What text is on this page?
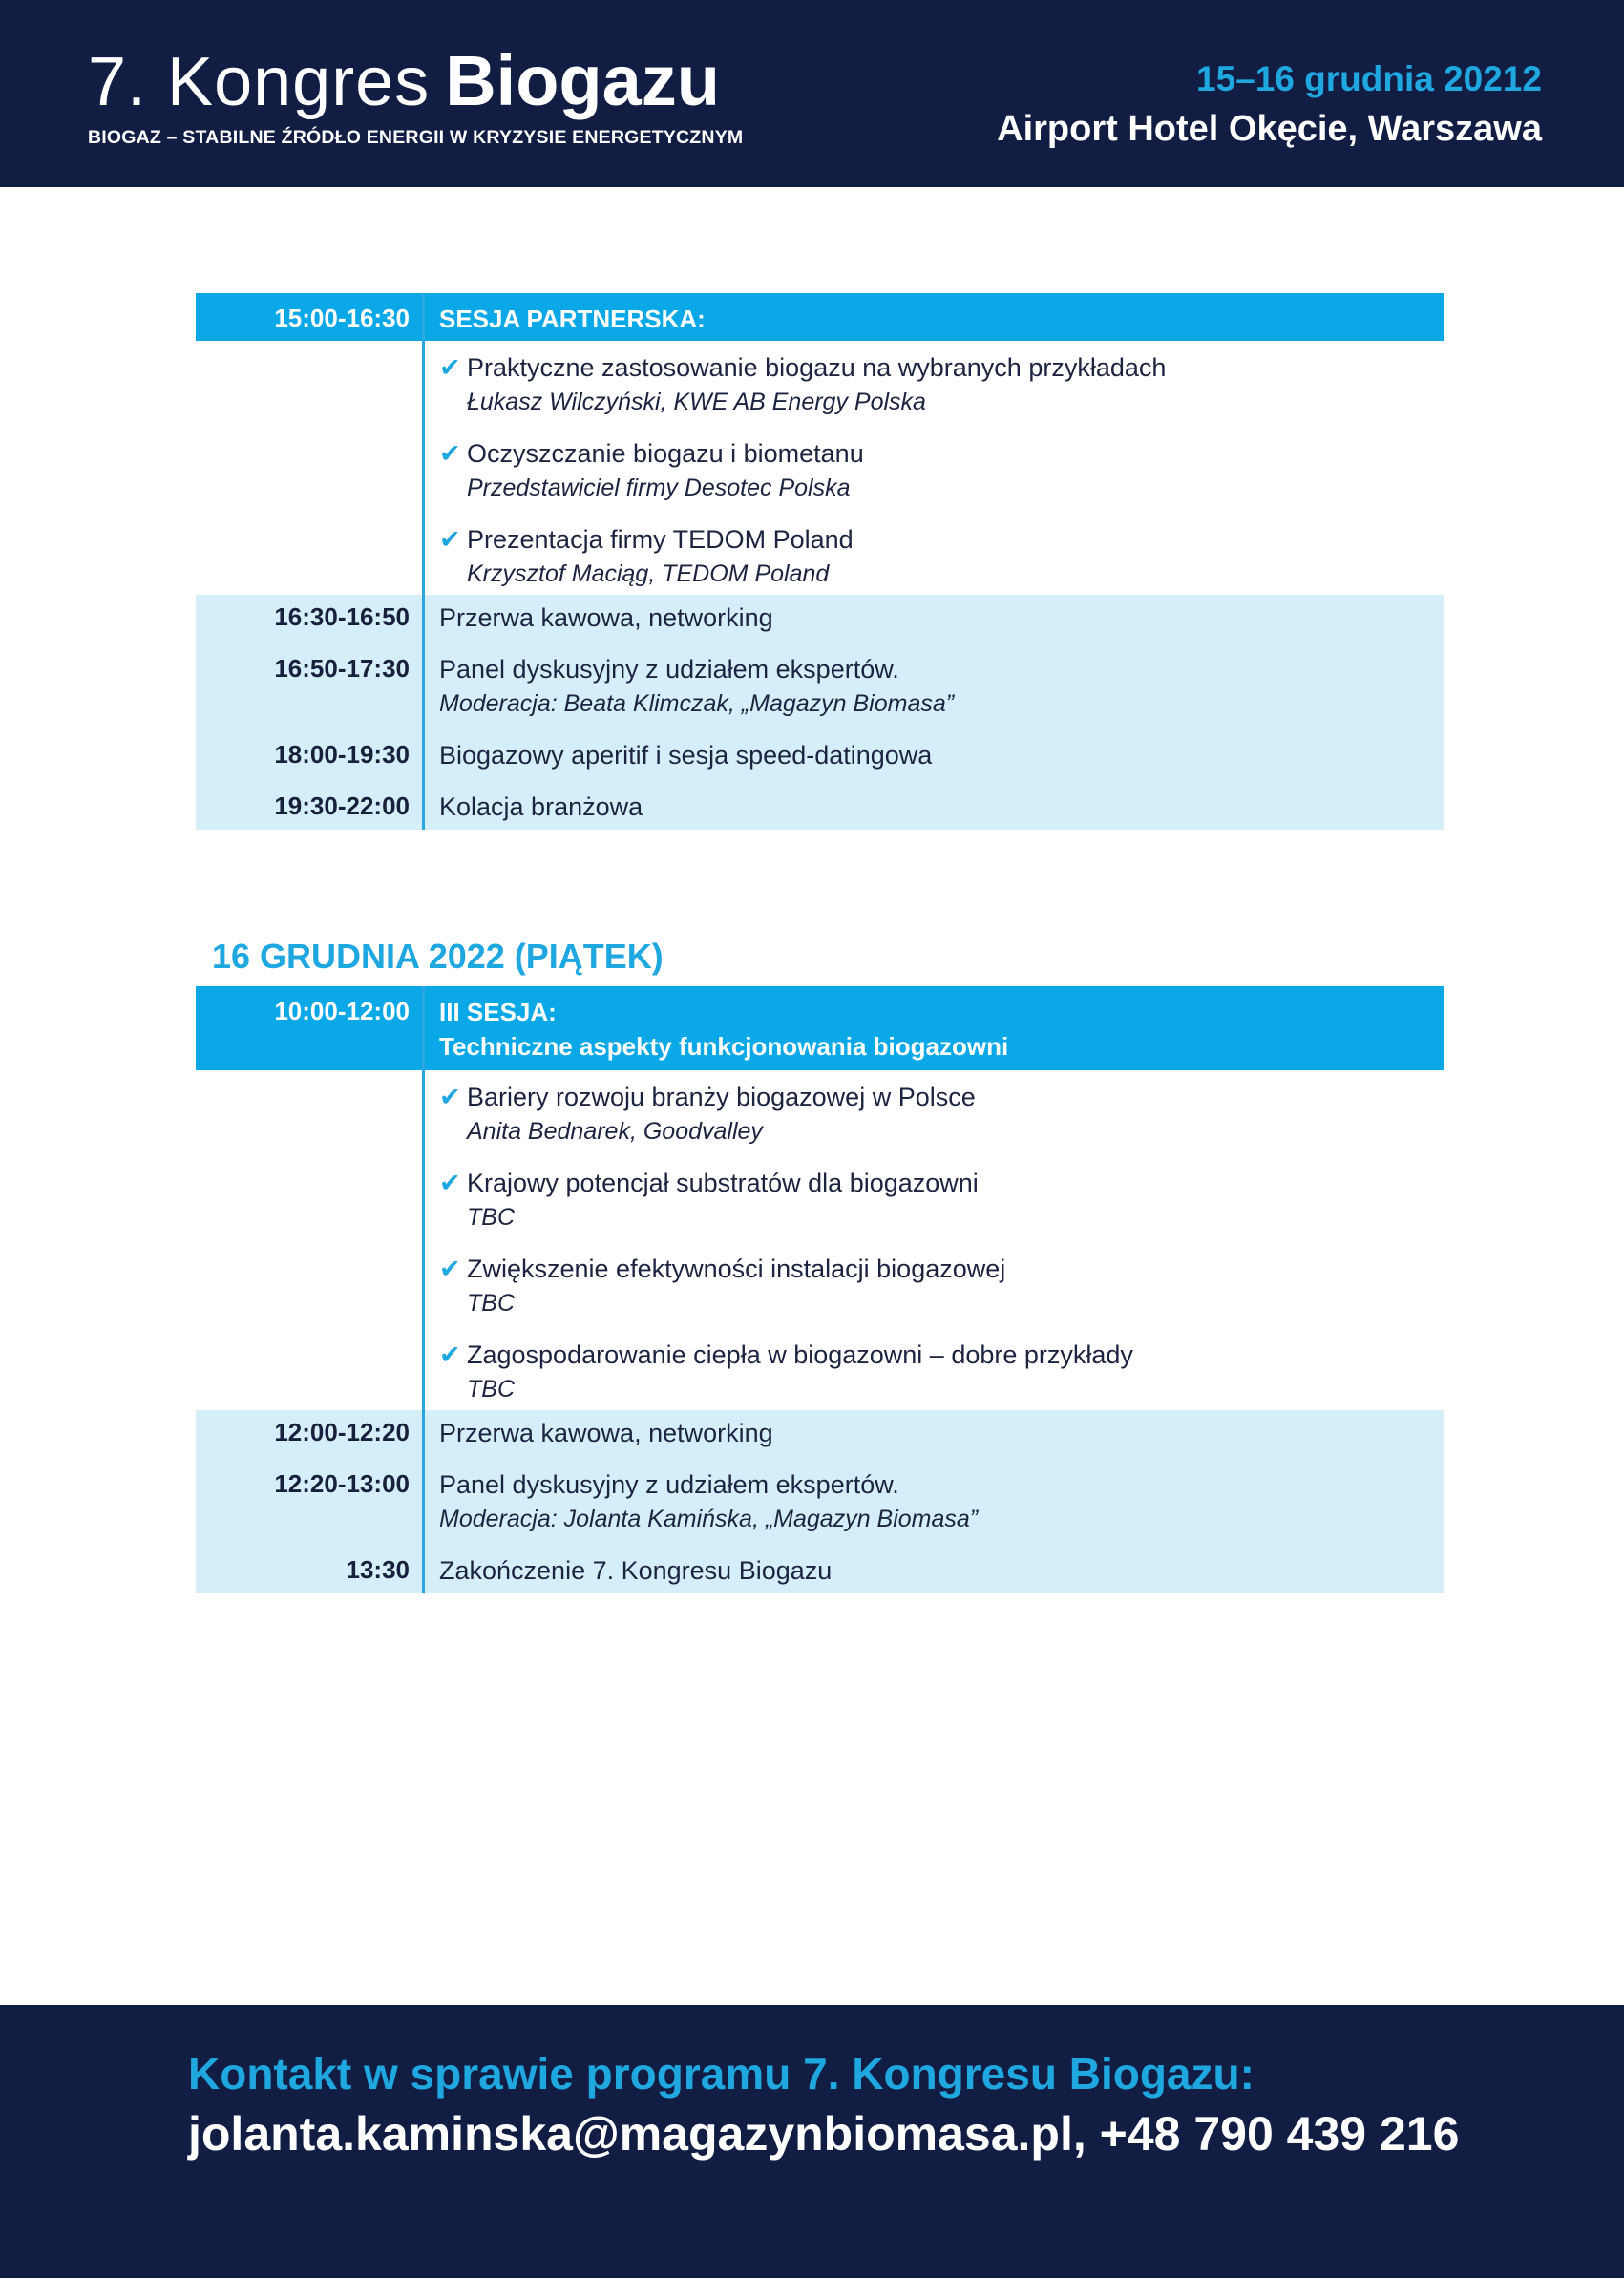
7. Kongres Biogazu
BIOGAZ – STABILNE ŹRÓDŁO ENERGII W KRYZYSIE ENERGETYCZNYM
15–16 grudnia 20212
Airport Hotel Okęcie, Warszawa
15:00-16:30	SESJA PARTNERSKA:
✔ Praktyczne zastosowanie biogazu na wybranych przykładach
Łukasz Wilczyński, KWE AB Energy Polska
✔ Oczyszczanie biogazu i biometanu
Przedstawiciel firmy Desotec Polska
✔ Prezentacja firmy TEDOM Poland
Krzysztof Maciąg, TEDOM Poland
16:30-16:50 Przerwa kawowa, networking
16:50-17:30 Panel dyskusyjny z udziałem ekspertów.
Moderacja: Beata Klimczak, „Magazyn Biomasa”
18:00-19:30 Biogazowy aperitif i sesja speed-datingowa
19:30-22:00 Kolacja branżowa
16 GRUDNIA 2022 (PIĄTEK)
10:00-12:00 III SESJA:
Techniczne aspekty funkcjonowania biogazowni
✔ Bariery rozwoju branży biogazowej w Polsce
Anita Bednarek, Goodvalley
✔ Krajowy potencjał substratów dla biogazowni
TBC
✔ Zwiększenie efektywności instalacji biogazowej
TBC
✔ Zagospodarowanie ciepła w biogazowni – dobre przykłady
TBC
12:00-12:20 Przerwa kawowa, networking
12:20-13:00 Panel dyskusyjny z udziałem ekspertów.
Moderacja: Jolanta Kamińska, „Magazyn Biomasa”
13:30 Zakończenie 7. Kongresu Biogazu
Kontakt w sprawie programu 7. Kongresu Biogazu:
jolanta.kaminska@magazynbiomasa.pl, +48 790 439 216
